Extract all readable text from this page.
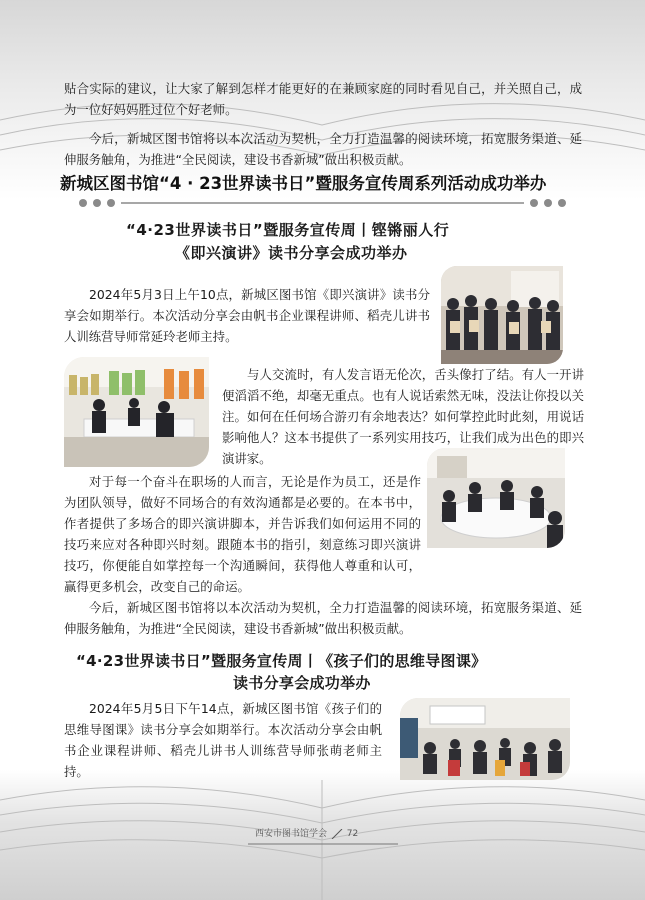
贴合实际的建议，让大家了解到怎样才能更好的在兼顾家庭的同时看见自己，并关照自己，成为一位好妈妈胜过位个好老师。

今后，新城区图书馆将以本次活动为契机，全力打造温馨的阅读环境，拓宽服务渠道、延伸服务触角，为推进“全民阅读，建设书香新城”做出积极贡献。

新城区图书馆“4 · 23世界读书日”暨服务宣传周系列活动成功举办
“4·23世界读书日”暨服务宣传周丨铿锵丽人行
《即兴演讲》读书分享会成功举办

2024年5月3日上午10点，新城区图书馆《即兴演讲》读书分享会如期举行。本次活动分享会由帆书企业课程讲师、稻壳儿讲书人训练营导师常延玲老师主持。

与人交流时，有人发言语无伦次，舌头像打了结。有人一开讲便滔滔不绝，却毫无重点。也有人说话索然无味，没法让你投以关注。如何在任何场合游刃有余地表达？如何掌控此时此刻，用说话影响他人？这本书提供了一系列实用技巧，让我们成为出色的即兴演讲家。

对于每一个奋斗在职场的人而言，无论是作为员工，还是作为团队领导，做好不同场合的有效沟通都是必要的。在本书中，作者提供了多场合的即兴演讲脚本，并告诉我们如何运用不同的技巧来应对各种即兴时刻。跟随本书的指引，刻意练习即兴演讲技巧，你便能自如掌控每一个沟通瞬间，获得他人尊重和认可，赢得更多机会，改变自己的命运。

今后，新城区图书馆将以本次活动为契机，全力打造温馨的阅读环境，拓宽服务渠道、延伸服务触角，为推进“全民阅读，建设书香新城”做出积极贡献。

“4·23世界读书日”暨服务宣传周丨《孩子们的思维导图课》
读书分享会成功举办

2024年5月5日下午14点，新城区图书馆《孩子们的思维导图课》读书分享会如期举行。本次活动分享会由帆书企业课程讲师、稻壳儿讲书人训练营导师张萌老师主持。

西安市图书馆学会 72
